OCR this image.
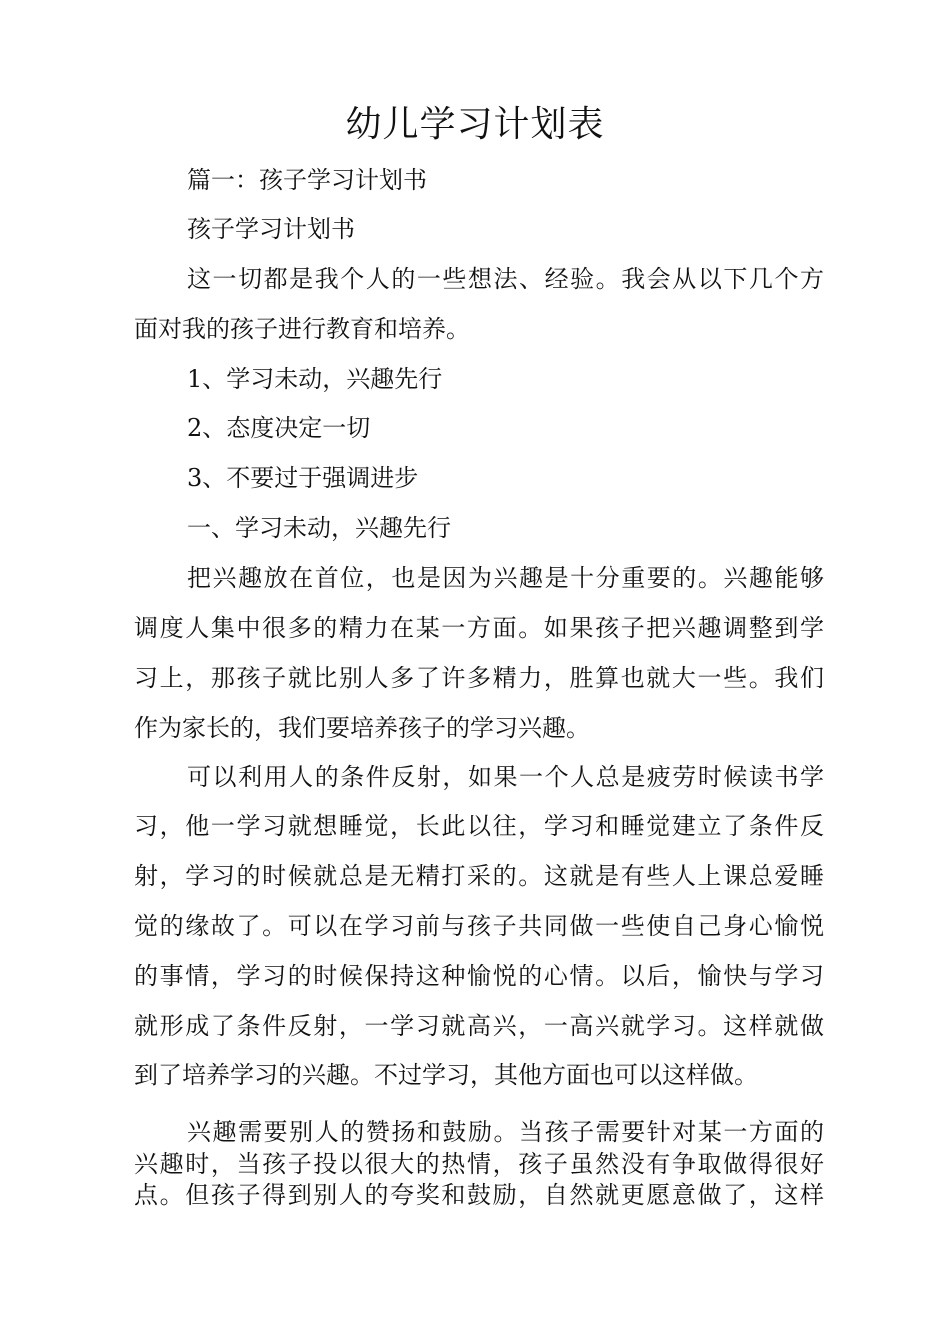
幼儿学习计划表

篇一：孩子学习计划书

孩子学习计划书

这一切都是我个人的一些想法、经验。我会从以下几个方

面对我的孩子进行教育和培养。

1、学习未动，兴趣先行

2、态度决定一切

3、不要过于强调进步

一、学习未动，兴趣先行

把兴趣放在首位，也是因为兴趣是十分重要的。兴趣能够

调度人集中很多的精力在某一方面。如果孩子把兴趣调整到学

习上，那孩子就比别人多了许多精力，胜算也就大一些。我们

作为家长的，我们要培养孩子的学习兴趣。

可以利用人的条件反射，如果一个人总是疲劳时候读书学

习，他一学习就想睡觉，长此以往，学习和睡觉建立了条件反

射，学习的时候就总是无精打采的。这就是有些人上课总爱睡

觉的缘故了。可以在学习前与孩子共同做一些使自己身心愉悦

的事情，学习的时候保持这种愉悦的心情。以后，愉快与学习

就形成了条件反射，一学习就高兴，一高兴就学习。这样就做

到了培养学习的兴趣。不过学习，其他方面也可以这样做。

兴趣需要别人的赞扬和鼓励。当孩子需要针对某一方面的

兴趣时，当孩子投以很大的热情，孩子虽然没有争取做得很好

点。但孩子得到别人的夸奖和鼓励，自然就更愿意做了，这样
